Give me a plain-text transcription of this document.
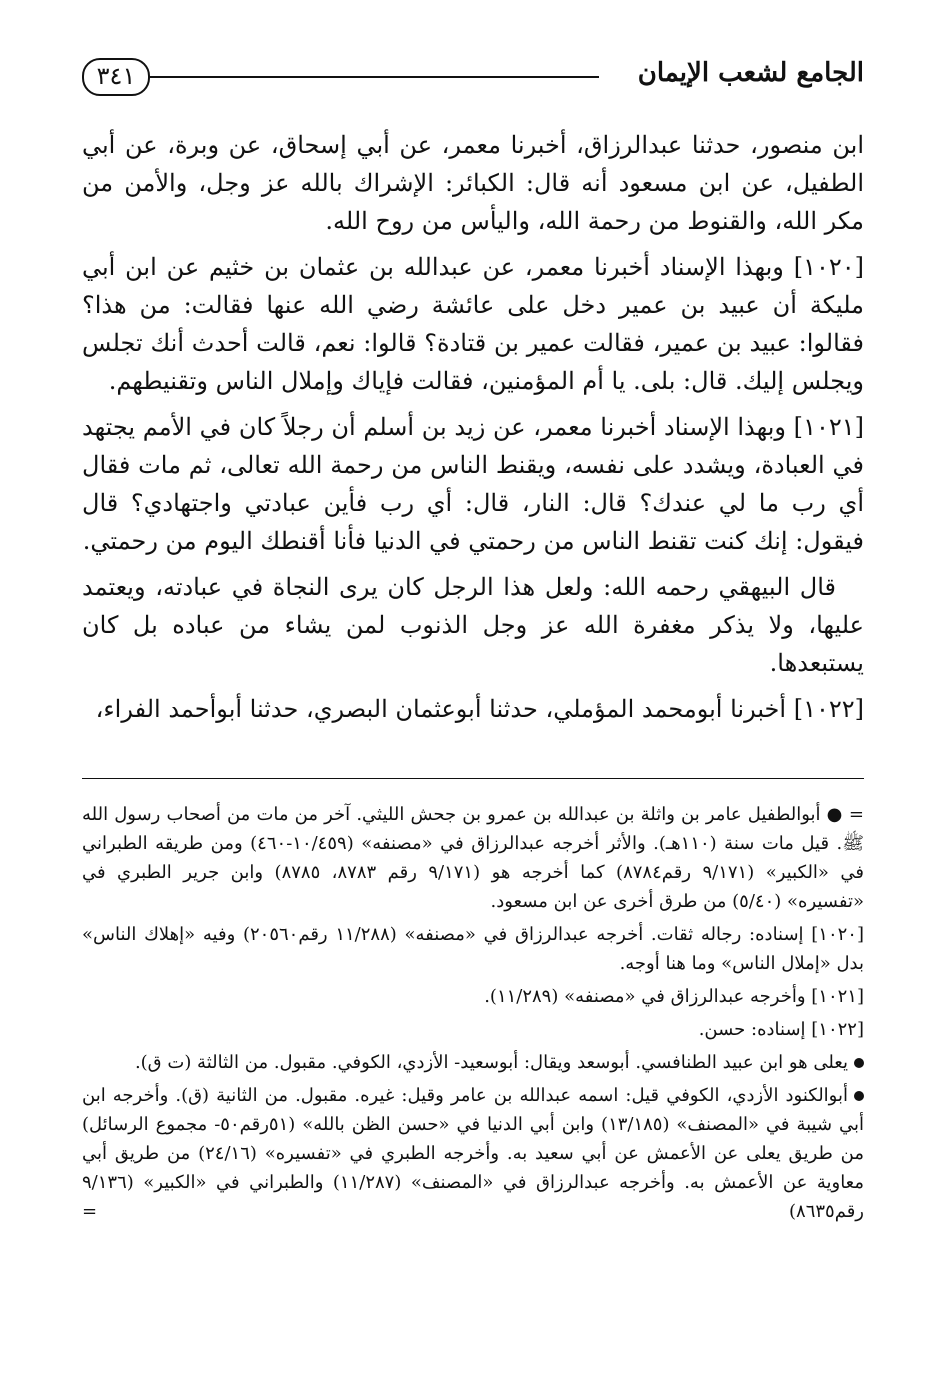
٣٤١	الجامع لشعب الإيمان

ابن منصور، حدثنا عبدالرزاق، أخبرنا معمر، عن أبي إسحاق، عن وبرة، عن أبي الطفيل، عن ابن مسعود أنه قال: الكبائر: الإشراك بالله عز وجل، والأمن من مكر الله، والقنوط من رحمة الله، واليأس من روح الله.

[١٠٢٠] وبهذا الإسناد أخبرنا معمر، عن عبدالله بن عثمان بن خثيم عن ابن أبي مليكة أن عبيد بن عمير دخل على عائشة رضي الله عنها فقالت: من هذا؟ فقالوا: عبيد بن عمير، فقالت عمير بن قتادة؟ قالوا: نعم، قالت أحدث أنك تجلس ويجلس إليك. قال: بلى. يا أم المؤمنين، فقالت فإياك وإملال الناس وتقنيطهم.

[١٠٢١] وبهذا الإسناد أخبرنا معمر، عن زيد بن أسلم أن رجلاً كان في الأمم يجتهد في العبادة، ويشدد على نفسه، ويقنط الناس من رحمة الله تعالى، ثم مات فقال أي رب ما لي عندك؟ قال: النار، قال: أي رب فأين عبادتي واجتهادي؟ قال فيقول: إنك كنت تقنط الناس من رحمتي في الدنيا فأنا أقنطك اليوم من رحمتي.

قال البيهقي رحمه الله: ولعل هذا الرجل كان يرى النجاة في عبادته، ويعتمد عليها، ولا يذكر مغفرة الله عز وجل الذنوب لمن يشاء من عباده بل كان يستبعدها.

[١٠٢٢] أخبرنا أبومحمد المؤملي، حدثنا أبوعثمان البصري، حدثنا أبوأحمد الفراء،

= ● أبوالطفيل عامر بن واثلة بن عبدالله بن عمرو بن جحش الليثي. آخر من مات من أصحاب رسول الله ﷺ. قيل مات سنة (١١٠هـ). والأثر أخرجه عبدالرزاق في «مصنفه» (١٠/٤٥٩-٤٦٠) ومن طريقه الطبراني في «الكبير» (٩/١٧١ رقم٨٧٨٤) كما أخرجه هو (٩/١٧١ رقم ٨٧٨٣، ٨٧٨٥) وابن جرير الطبري في «تفسيره» (٥/٤٠) من طرق أخرى عن ابن مسعود.

[١٠٢٠] إسناده: رجاله ثقات. أخرجه عبدالرزاق في «مصنفه» (١١/٢٨٨ رقم٢٠٥٦٠) وفيه «إهلاك الناس» بدل «إملال الناس» وما هنا أوجه.

[١٠٢١] وأخرجه عبدالرزاق في «مصنفه» (١١/٢٨٩).

[١٠٢٢] إسناده: حسن.

يعلى هو ابن عبيد الطنافسي. أبوسعد ويقال: أبوسعيد- الأزدي، الكوفي. مقبول. من الثالثة (ت ق).

أبوالكنود الأزدي، الكوفي قيل: اسمه عبدالله بن عامر وقيل: غيره. مقبول. من الثانية (ق). وأخرجه ابن أبي شيبة في «المصنف» (١٣/١٨٥) وابن أبي الدنيا في «حسن الظن بالله» (٥١رقم٥٠- مجموع الرسائل) من طريق يعلى عن الأعمش عن أبي سعيد به. وأخرجه الطبري في «تفسيره» (٢٤/١٦) من طريق أبي معاوية عن الأعمش به. وأخرجه عبدالرزاق في «المصنف» (١١/٢٨٧) والطبراني في «الكبير» (٩/١٣٦ رقم٨٦٣٥)
=
